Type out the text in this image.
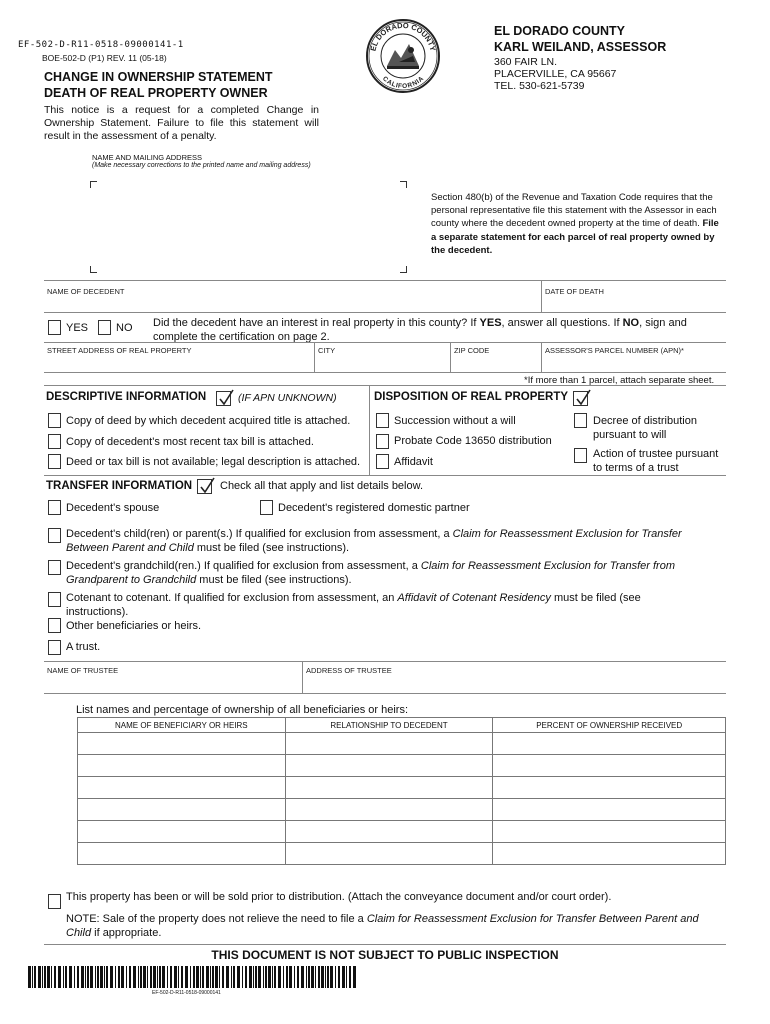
EF-502-D-R11-0518-09000141-1
BOE-502-D (P1) REV. 11 (05-18)
CHANGE IN OWNERSHIP STATEMENT
DEATH OF REAL PROPERTY OWNER
This notice is a request for a completed Change in Ownership Statement. Failure to file this statement will result in the assessment of a penalty.
EL DORADO COUNTY
CALIFORNIA
EL DORADO COUNTY
KARL WEILAND, ASSESSOR
360 FAIR LN.
PLACERVILLE, CA 95667
TEL. 530-621-5739
NAME AND MAILING ADDRESS
(Make necessary corrections to the printed name and mailing address)
Section 480(b) of the Revenue and Taxation Code requires that the personal representative file this statement with the Assessor in each county where the decedent owned property at the time of death. File a separate statement for each parcel of real property owned by the decedent.
NAME OF DECEDENT	DATE OF DEATH
YES	NO Did the decedent have an interest in real property in this county? If YES, answer all questions. If NO, sign and complete the certification on page 2.
STREET ADDRESS OF REAL PROPERTY	CITY	ZIP CODE	ASSESSOR'S PARCEL NUMBER (APN)*
*If more than 1 parcel, attach separate sheet.
DESCRIPTIVE INFORMATION	(IF APN UNKNOWN)
Copy of deed by which decedent acquired title is attached.
Copy of decedent's most recent tax bill is attached.
Deed or tax bill is not available; legal description is attached.
DISPOSITION OF REAL PROPERTY
Succession without a will
Probate Code 13650 distribution
Affidavit
Decree of distribution pursuant to will
Action of trustee pursuant to terms of a trust
TRANSFER INFORMATION	Check all that apply and list details below.
Decedent's spouse	Decedent's registered domestic partner
Decedent's child(ren) or parent(s.) If qualified for exclusion from assessment, a Claim for Reassessment Exclusion for Transfer Between Parent and Child must be filed (see instructions).
Decedent's grandchild(ren.) If qualified for exclusion from assessment, a Claim for Reassessment Exclusion for Transfer from Grandparent to Grandchild must be filed (see instructions).
Cotenant to cotenant. If qualified for exclusion from assessment, an Affidavit of Cotenant Residency must be filed (see instructions).
Other beneficiaries or heirs.
A trust.
NAME OF TRUSTEE	ADDRESS OF TRUSTEE
List names and percentage of ownership of all beneficiaries or heirs:
NAME OF BENEFICIARY OR HEIRS	RELATIONSHIP TO DECEDENT	PERCENT OF OWNERSHIP RECEIVED

This property has been or will be sold prior to distribution. (Attach the conveyance document and/or court order).
NOTE: Sale of the property does not relieve the need to file a Claim for Reassessment Exclusion for Transfer Between Parent and Child if appropriate.
THIS DOCUMENT IS NOT SUBJECT TO PUBLIC INSPECTION
EF-502-D-R11-0518-09000141
